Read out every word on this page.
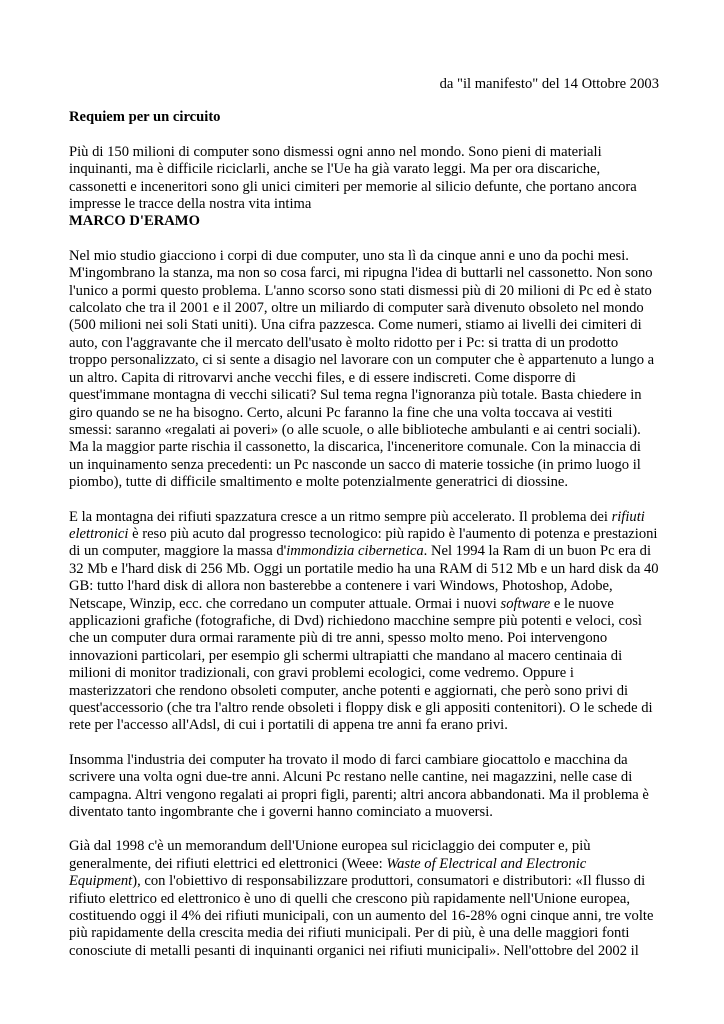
da "il manifesto" del 14 Ottobre 2003

Requiem per un circuito

Più di 150 milioni di computer sono dismessi ogni anno nel mondo. Sono pieni di materiali inquinanti, ma è difficile riciclarli, anche se l'Ue ha già varato leggi. Ma per ora discariche, cassonetti e inceneritori sono gli unici cimiteri per memorie al silicio defunte, che portano ancora impresse le tracce della nostra vita intima

MARCO D'ERAMO

Nel mio studio giacciono i corpi di due computer, uno sta lì da cinque anni e uno da pochi mesi. M'ingombrano la stanza, ma non so cosa farci, mi ripugna l'idea di buttarli nel cassonetto. Non sono l'unico a pormi questo problema. L'anno scorso sono stati dismessi più di 20 milioni di Pc ed è stato calcolato che tra il 2001 e il 2007, oltre un miliardo di computer sarà divenuto obsoleto nel mondo (500 milioni nei soli Stati uniti). Una cifra pazzesca. Come numeri, stiamo ai livelli dei cimiteri di auto, con l'aggravante che il mercato dell'usato è molto ridotto per i Pc: si tratta di un prodotto troppo personalizzato, ci si sente a disagio nel lavorare con un computer che è appartenuto a lungo a un altro. Capita di ritrovarvi anche vecchi files, e di essere indiscreti. Come disporre di quest'immane montagna di vecchi silicati? Sul tema regna l'ignoranza più totale. Basta chiedere in giro quando se ne ha bisogno. Certo, alcuni Pc faranno la fine che una volta toccava ai vestiti smessi: saranno «regalati ai poveri» (o alle scuole, o alle biblioteche ambulanti e ai centri sociali). Ma la maggior parte rischia il cassonetto, la discarica, l'inceneritore comunale. Con la minaccia di un inquinamento senza precedenti: un Pc nasconde un sacco di materie tossiche (in primo luogo il piombo), tutte di difficile smaltimento e molte potenzialmente generatrici di diossine.

E la montagna dei rifiuti spazzatura cresce a un ritmo sempre più accelerato. Il problema dei rifiuti elettronici è reso più acuto dal progresso tecnologico: più rapido è l'aumento di potenza e prestazioni di un computer, maggiore la massa d'immondizia cibernetica. Nel 1994 la Ram di un buon Pc era di 32 Mb e l'hard disk di 256 Mb. Oggi un portatile medio ha una RAM di 512 Mb e un hard disk da 40 GB: tutto l'hard disk di allora non basterebbe a contenere i vari Windows, Photoshop, Adobe, Netscape, Winzip, ecc. che corredano un computer attuale. Ormai i nuovi software e le nuove applicazioni grafiche (fotografiche, di Dvd) richiedono macchine sempre più potenti e veloci, così che un computer dura ormai raramente più di tre anni, spesso molto meno. Poi intervengono innovazioni particolari, per esempio gli schermi ultrapiatti che mandano al macero centinaia di milioni di monitor tradizionali, con gravi problemi ecologici, come vedremo. Oppure i masterizzatori che rendono obsoleti computer, anche potenti e aggiornati, che però sono privi di quest'accessorio (che tra l'altro rende obsoleti i floppy disk e gli appositi contenitori). O le schede di rete per l'accesso all'Adsl, di cui i portatili di appena tre anni fa erano privi.

Insomma l'industria dei computer ha trovato il modo di farci cambiare giocattolo e macchina da scrivere una volta ogni due-tre anni. Alcuni Pc restano nelle cantine, nei magazzini, nelle case di campagna. Altri vengono regalati ai propri figli, parenti; altri ancora abbandonati. Ma il problema è diventato tanto ingombrante che i governi hanno cominciato a muoversi.

Già dal 1998 c'è un memorandum dell'Unione europea sul riciclaggio dei computer e, più generalmente, dei rifiuti elettrici ed elettronici (Weee: Waste of Electrical and Electronic Equipment), con l'obiettivo di responsabilizzare produttori, consumatori e distributori: «Il flusso di rifiuto elettrico ed elettronico è uno di quelli che crescono più rapidamente nell'Unione europea, costituendo oggi il 4% dei rifiuti municipali, con un aumento del 16-28% ogni cinque anni, tre volte più rapidamente della crescita media dei rifiuti municipali. Per di più, è una delle maggiori fonti conosciute di metalli pesanti di inquinanti organici nei rifiuti municipali». Nell'ottobre del 2002 il
